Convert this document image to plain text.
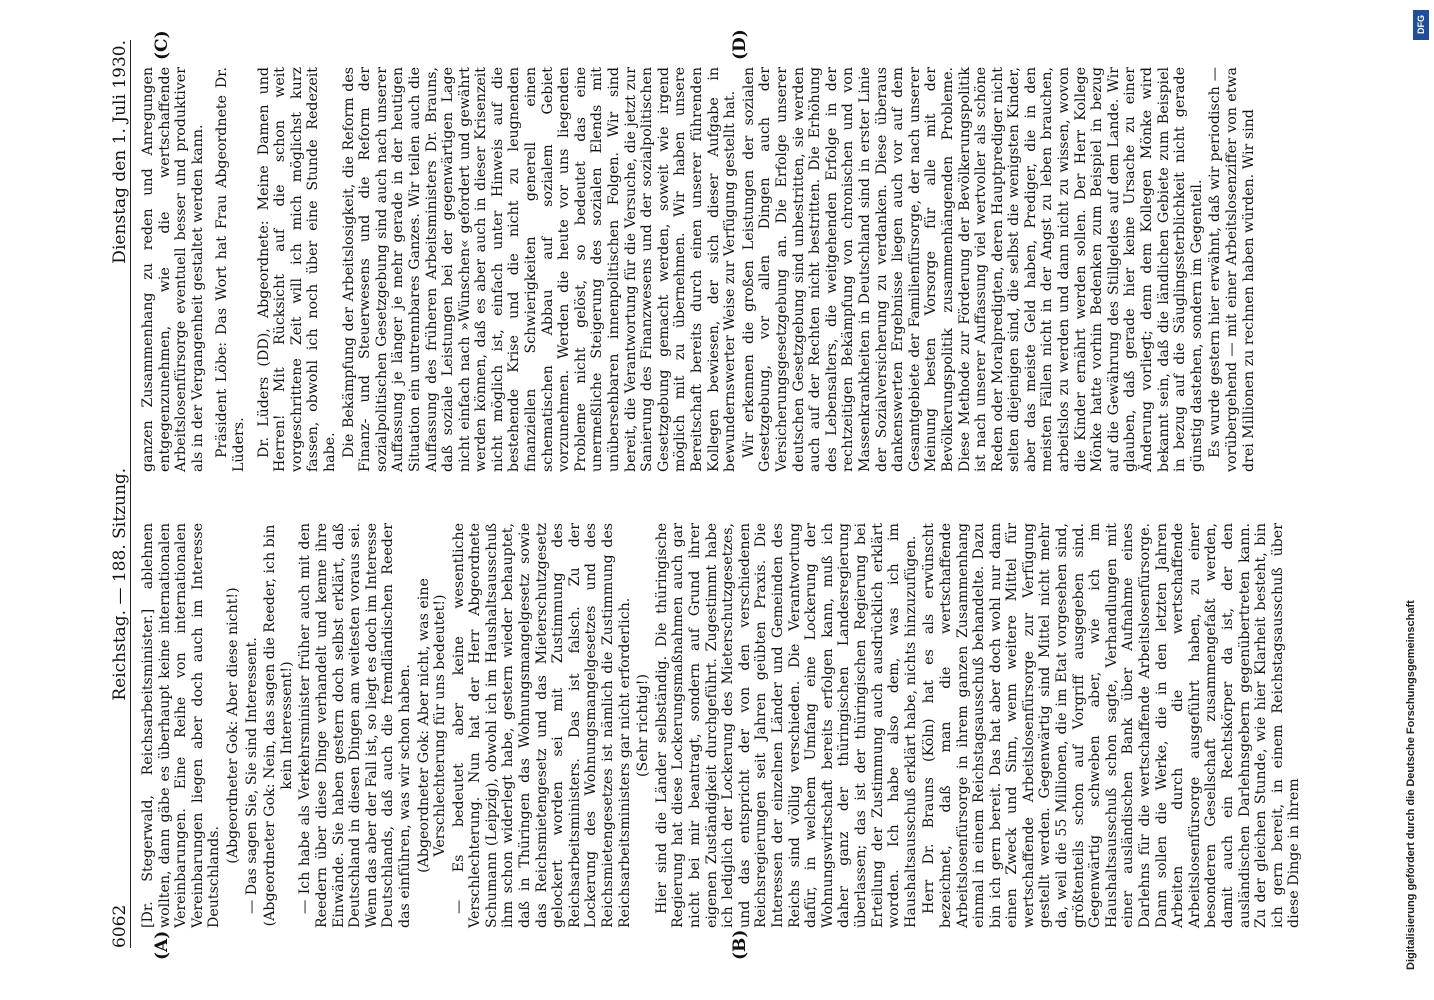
6062
Reichstag. — 188. Sitzung.
Dienstag den 1. Juli 1930.
(A)	(B)
(C)	(D)

[Dr. Stegerwald, Reichsarbeitsminister.] ablehnen wollten, dann gäbe es überhaupt keine internationalen Vereinbarungen. Eine Reihe von internationalen Vereinbarungen liegen aber doch auch im Interesse Deutschlands.

(Abgeordneter Gok: Aber diese nicht!) — Das sagen Sie, Sie sind Interessent. (Abgeordneter Gok: Nein, das sagen die Reeder, ich bin kein Interessent!) — Ich habe als Verkehrsminister früher auch mit den Reedern über diese Dinge verhandelt und kenne ihre Einwände. Sie haben gestern doch selbst erklärt, daß Deutschland in diesen Dingen am weitesten voraus sei. Wenn das aber der Fall ist, so liegt es doch im Interesse Deutschlands, daß auch die fremdländischen Reeder das einführen, was wir schon haben. (Abgeordneter Gok: Aber nicht, was eine Verschlechterung für uns bedeutet!) — Es bedeutet aber keine wesentliche Verschlechterung. Nun hat der Herr Abgeordnete Schumann (Leipzig), obwohl ich im Haushaltsausschuß ihm schon widerlegt habe, gestern wieder behauptet, daß in Thüringen das Wohnungsmangelgesetz sowie das Reichsmietengesetz und das Mieterschutzgesetz gelockert worden sei mit Zustimmung des Reichsarbeitsministers. Das ist falsch. Zu der Lockerung des Wohnungsmangelgesetzes und des Reichsmietengesetzes ist nämlich die Zustimmung des Reichsarbeitsministers gar nicht erforderlich. (Sehr richtig!) Hier sind die Länder selbständig. Die thüringische Regierung hat diese Lockerungsmaßnahmen auch gar nicht bei mir beantragt, sondern auf Grund ihrer eigenen Zuständigkeit durchgeführt. Zugestimmt habe ich lediglich der Lockerung des Mieterschutzgesetzes, und das entspricht der von den verschiedenen Reichsregierungen seit Jahren geübten Praxis. Die Interessen der einzelnen Länder und Gemeinden des Reichs sind völlig verschieden. Die Verantwortung dafür, in welchem Umfang eine Lockerung der Wohnungswirtschaft bereits erfolgen kann, muß ich daher ganz der thüringischen Landesregierung überlassen; das ist der thüringischen Regierung bei Erteilung der Zustimmung auch ausdrücklich erklärt worden. Ich habe also dem, was ich im Haushaltsausschuß erklärt habe, nichts hinzuzufügen. Herr Dr. Brauns (Köln) hat es als erwünscht bezeichnet, daß man die wertschaffende Arbeitslosenfürsorge in ihrem ganzen Zusammenhang einmal in einem Reichstagsausschuß behandelte. Dazu bin ich gern bereit. Das hat aber doch wohl nur dann einen Zweck und Sinn, wenn weitere Mittel für wertschaffende Arbeitslosenfürsorge zur Verfügung gestellt werden. Gegenwärtig sind Mittel nicht mehr da, weil die 55 Millionen, die im Etat vorgesehen sind, größtenteils schon auf Vorgriff ausgegeben sind. Gegenwärtig schweben aber, wie ich im Haushaltsausschuß schon sagte, Verhandlungen mit einer ausländischen Bank über Aufnahme eines Darlehns für die wertschaffende Arbeitslosenfürsorge. Dann sollen die Werke, die in den letzten Jahren Arbeiten durch die wertschaffende Arbeitslosenfürsorge ausgeführt haben, zu einer besonderen Gesellschaft zusammengefaßt werden, damit auch ein Rechtskörper da ist, der den ausländischen Darlehnsgebern gegenübertreten kann. Zu der gleichen Stunde, wie hier Klarheit besteht, bin ich gern bereit, in einem Reichstagsausschuß über diese Dinge in ihrem

ganzen Zusammenhang zu reden und Anregungen entgegenzunehmen, wie die wertschaffende Arbeitslosenfürsorge eventuell besser und produktiver als in der Vergangenheit gestaltet werden kann. Präsident Löbe: Das Wort hat Frau Abgeordnete Dr. Lüders. Dr. Lüders (DD), Abgeordnete: Meine Damen und Herren! Mit Rücksicht auf die schon weit vorgeschrittene Zeit will ich mich möglichst kurz fassen, obwohl ich noch über eine Stunde Redezeit habe. Die Bekämpfung der Arbeitslosigkeit, die Reform des Finanz- und Steuerwesens und die Reform der sozialpolitischen Gesetzgebung sind auch nach unserer Auffassung je länger je mehr gerade in der heutigen Situation ein untrennbares Ganzes. Wir teilen auch die Auffassung des früheren Arbeitsministers Dr. Brauns, daß soziale Leistungen bei der gegenwärtigen Lage nicht einfach nach »Wünschen« gefordert und gewährt werden können, daß es aber auch in dieser Krisenzeit nicht möglich ist, einfach unter Hinweis auf die bestehende Krise und die nicht zu leugnenden finanziellen Schwierigkeiten generell einen schematischen Abbau auf sozialem Gebiet vorzunehmen. Werden die heute vor uns liegenden Probleme nicht gelöst, so bedeutet das eine unermeßliche Steigerung des sozialen Elends mit unübersehbaren innenpolitischen Folgen. Wir sind bereit, die Verantwortung für die Versuche, die jetzt zur Sanierung des Finanzwesens und der sozialpolitischen Gesetzgebung gemacht werden, soweit wie irgend möglich mit zu übernehmen. Wir haben unsere Bereitschaft bereits durch einen unserer führenden Kollegen bewiesen, der sich dieser Aufgabe in bewundernswerter Weise zur Verfügung gestellt hat. Wir erkennen die großen Leistungen der sozialen Gesetzgebung, vor allen Dingen auch der Versicherungsgesetzgebung an. Die Erfolge unserer deutschen Gesetzgebung sind unbestritten, sie werden auch auf der Rechten nicht bestritten. Die Erhöhung des Lebensalters, die weitgehenden Erfolge in der rechtzeitigen Bekämpfung von chronischen und von Massenkrankheiten in Deutschland sind in erster Linie der Sozialversicherung zu verdanken. Diese überaus dankenswerten Ergebnisse liegen auch vor auf dem Gesamtgebiete der Familienfürsorge, der nach unserer Meinung besten Vorsorge für alle mit der Bevölkerungspolitik zusammenhängenden Probleme. Diese Methode zur Förderung der Bevölkerungspolitik ist nach unserer Auffassung viel wertvoller als schöne Reden oder Moralpredigten, deren Hauptprediger nicht selten diejenigen sind, die selbst die wenigsten Kinder, aber das meiste Geld haben, Prediger, die in den meisten Fällen nicht in der Angst zu leben brauchen, arbeitslos zu werden und dann nicht zu wissen, wovon die Kinder ernährt werden sollen. Der Herr Kollege Mönke hatte vorhin Bedenken zum Beispiel in bezug auf die Gewährung des Stillgeldes auf dem Lande. Wir glauben, daß gerade hier keine Ursache zu einer Änderung vorliegt; denn dem Kollegen Mönke wird bekannt sein, daß die ländlichen Gebiete zum Beispiel in bezug auf die Säuglingssterblichkeit nicht gerade günstig dastehen, sondern im Gegenteil. Es wurde gestern hier erwähnt, daß wir periodisch — vorübergehend — mit einer Arbeitslosenziffer von etwa drei Millionen zu rechnen haben würden. Wir sind

Digitalisierung gefördert durch die Deutsche Forschungsgemeinschaft
DFG
